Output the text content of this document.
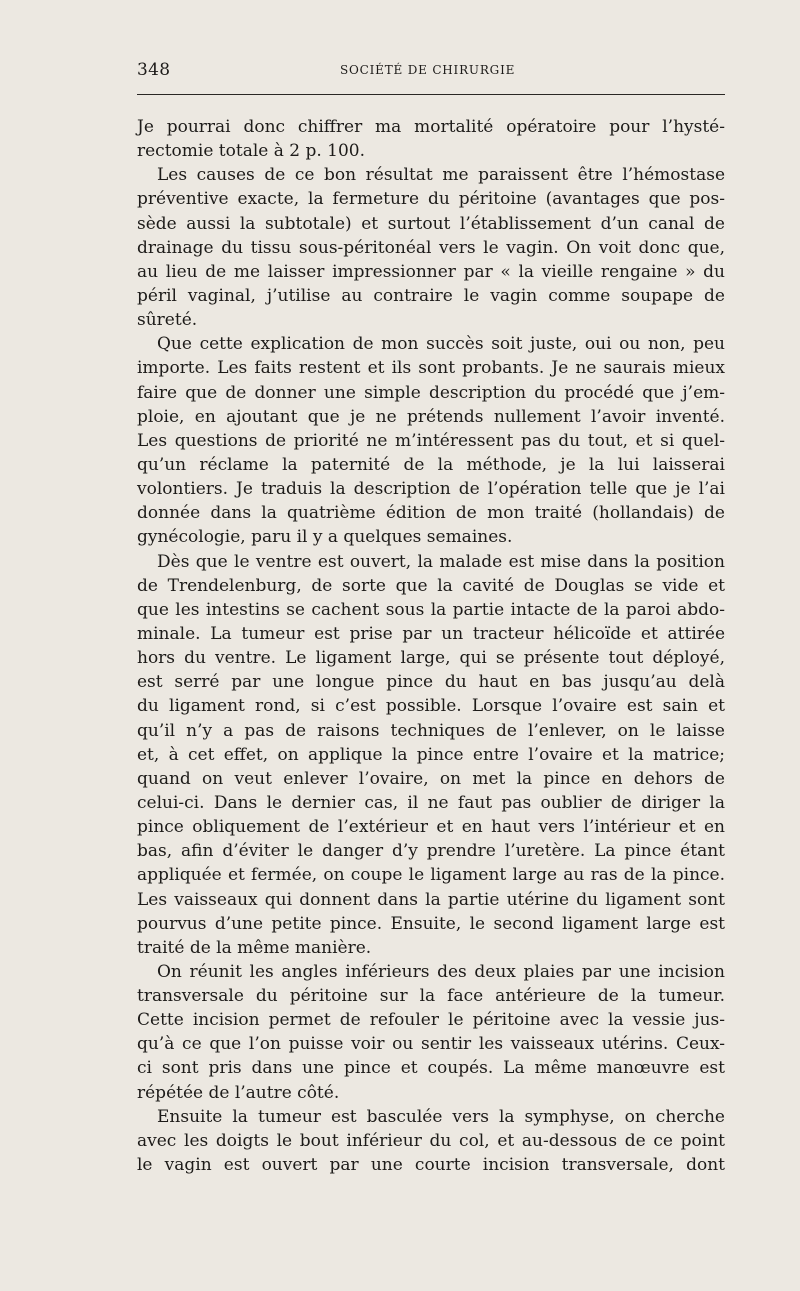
348	SOCIÉTÉ DE CHIRURGIE
Je pourrai donc chiffrer ma mortalité opératoire pour l’hysté-
rectomie totale à 2 p. 100.
Les causes de ce bon résultat me paraissent être l’hémostase
préventive exacte, la fermeture du péritoine (avantages que pos-
sède aussi la subtotale) et surtout l’établissement d’un canal de
drainage du tissu sous-péritonéal vers le vagin. On voit donc que,
au lieu de me laisser impressionner par « la vieille rengaine » du
péril vaginal, j’utilise au contraire le vagin comme soupape de
sûreté.
Que cette explication de mon succès soit juste, oui ou non, peu
importe. Les faits restent et ils sont probants. Je ne saurais mieux
faire que de donner une simple description du procédé que j’em-
ploie, en ajoutant que je ne prétends nullement l’avoir inventé.
Les questions de priorité ne m’intéressent pas du tout, et si quel-
qu’un réclame la paternité de la méthode, je la lui laisserai
volontiers. Je traduis la description de l’opération telle que je l’ai
donnée dans la quatrième édition de mon traité (hollandais) de
gynécologie, paru il y a quelques semaines.
Dès que le ventre est ouvert, la malade est mise dans la position
de Trendelenburg, de sorte que la cavité de Douglas se vide et
que les intestins se cachent sous la partie intacte de la paroi abdo-
minale. La tumeur est prise par un tracteur hélicoïde et attirée
hors du ventre. Le ligament large, qui se présente tout déployé,
est serré par une longue pince du haut en bas jusqu’au delà
du ligament rond, si c’est possible. Lorsque l’ovaire est sain et
qu’il n’y a pas de raisons techniques de l’enlever, on le laisse
et, à cet effet, on applique la pince entre l’ovaire et la matrice;
quand on veut enlever l’ovaire, on met la pince en dehors de
celui-ci. Dans le dernier cas, il ne faut pas oublier de diriger la
pince obliquement de l’extérieur et en haut vers l’intérieur et en
bas, afin d’éviter le danger d’y prendre l’uretère. La pince étant
appliquée et fermée, on coupe le ligament large au ras de la pince.
Les vaisseaux qui donnent dans la partie utérine du ligament sont
pourvus d’une petite pince. Ensuite, le second ligament large est
traité de la même manière.
On réunit les angles inférieurs des deux plaies par une incision
transversale du péritoine sur la face antérieure de la tumeur.
Cette incision permet de refouler le péritoine avec la vessie jus-
qu’à ce que l’on puisse voir ou sentir les vaisseaux utérins. Ceux-
ci sont pris dans une pince et coupés. La même manœuvre est
répétée de l’autre côté.
Ensuite la tumeur est basculée vers la symphyse, on cherche
avec les doigts le bout inférieur du col, et au-dessous de ce point
le vagin est ouvert par une courte incision transversale, dont
